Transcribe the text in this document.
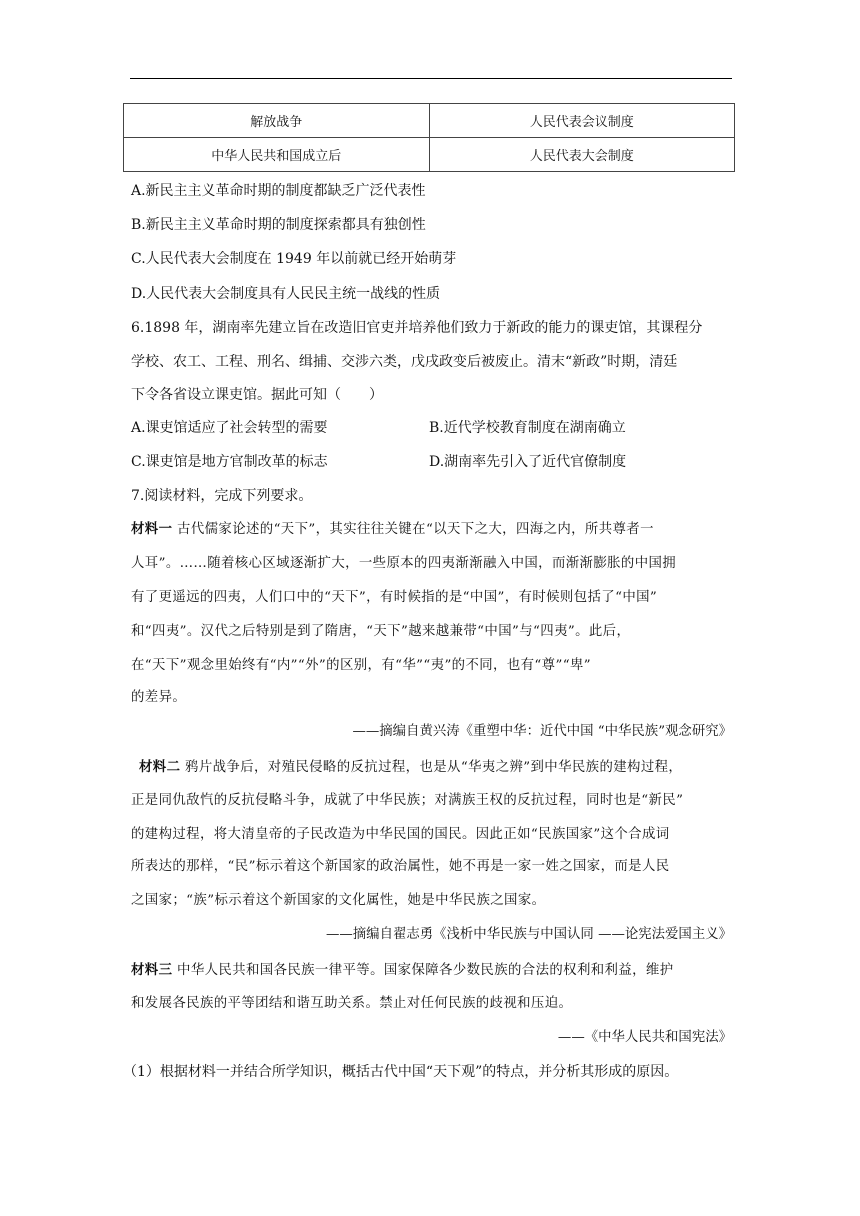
解放战争	人民代表会议制度
中华人民共和国成立后	人民代表大会制度
A.新民主主义革命时期的制度都缺乏广泛代表性
B.新民主主义革命时期的制度探索都具有独创性
C.人民代表大会制度在 1949 年以前就已经开始萌芽
D.人民代表大会制度具有人民民主统一战线的性质
6.1898 年，湖南率先建立旨在改造旧官吏并培养他们致力于新政的能力的课吏馆，其课程分
学校、农工、工程、刑名、缉捕、交涉六类，戊戌政变后被废止。清末“新政”时期，清廷
下令各省设立课吏馆。据此可知（　　）
A.课吏馆适应了社会转型的需要	B.近代学校教育制度在湖南确立
C.课吏馆是地方官制改革的标志	D.湖南率先引入了近代官僚制度
7.阅读材料，完成下列要求。
材料一 古代儒家论述的“天下”，其实往往关键在“以天下之大，四海之内，所共尊者一
人耳”。……随着核心区域逐渐扩大，一些原本的四夷渐渐融入中国，而渐渐膨胀的中国拥
有了更遥远的四夷，人们口中的“天下”，有时候指的是“中国”，有时候则包括了“中国”
和“四夷”。汉代之后特别是到了隋唐，“天下”越来越兼带“中国”与“四夷”。此后，
在“天下”观念里始终有“内”“外”的区别，有“华”“夷”的不同，也有“尊”“卑”
的差异。
——摘编自黄兴涛《重塑中华：近代中国 “中华民族”观念研究》
材料二 鸦片战争后，对殖民侵略的反抗过程，也是从“华夷之辨”到中华民族的建构过程，
正是同仇敌忾的反抗侵略斗争，成就了中华民族；对满族王权的反抗过程，同时也是“新民”
的建构过程，将大清皇帝的子民改造为中华民国的国民。因此正如“民族国家”这个合成词
所表达的那样，“民”标示着这个新国家的政治属性，她不再是一家一姓之国家，而是人民
之国家；“族”标示着这个新国家的文化属性，她是中华民族之国家。
——摘编自翟志勇《浅析中华民族与中国认同 ——论宪法爱国主义》
材料三 中华人民共和国各民族一律平等。国家保障各少数民族的合法的权利和利益，维护
和发展各民族的平等团结和谐互助关系。禁止对任何民族的歧视和压迫。
——《中华人民共和国宪法》
（1）根据材料一并结合所学知识，概括古代中国“天下观”的特点，并分析其形成的原因。
